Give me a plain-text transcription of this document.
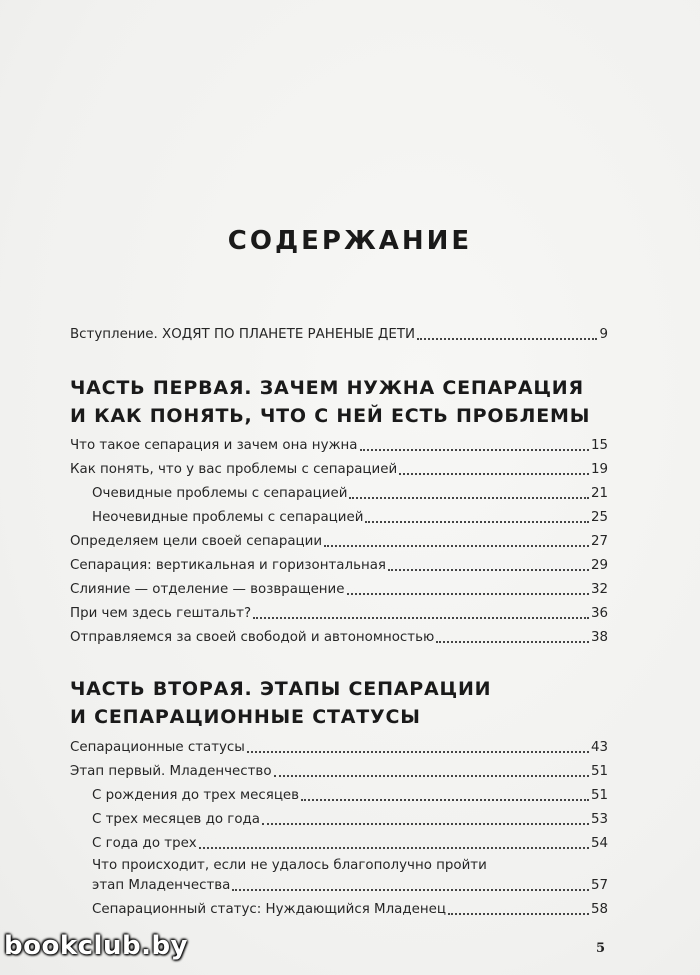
СОДЕРЖАНИЕ
Вступление. ХОДЯТ ПО ПЛАНЕТЕ РАНЕНЫЕ ДЕТИ	9
ЧАСТЬ ПЕРВАЯ. ЗАЧЕМ НУЖНА СЕПАРАЦИЯ
И КАК ПОНЯТЬ, ЧТО С НЕЙ ЕСТЬ ПРОБЛЕМЫ
Что такое сепарация и зачем она нужна	15
Как понять, что у вас проблемы с сепарацией	19
Очевидные проблемы с сепарацией	21
Неочевидные проблемы с сепарацией	25
Определяем цели своей сепарации	27
Сепарация: вертикальная и горизонтальная	29
Слияние — отделение — возвращение	32
При чем здесь гештальт?	36
Отправляемся за своей свободой и автономностью	38
ЧАСТЬ ВТОРАЯ. ЭТАПЫ СЕПАРАЦИИ
И СЕПАРАЦИОННЫЕ СТАТУСЫ
Сепарационные статусы	43
Этап первый. Младенчество	51
С рождения до трех месяцев	51
С трех месяцев до года	53
С года до трех	54
Что происходит, если не удалось благополучно пройти
этап Младенчества	57
Сепарационный статус: Нуждающийся Младенец	58
bookclub.by	5
